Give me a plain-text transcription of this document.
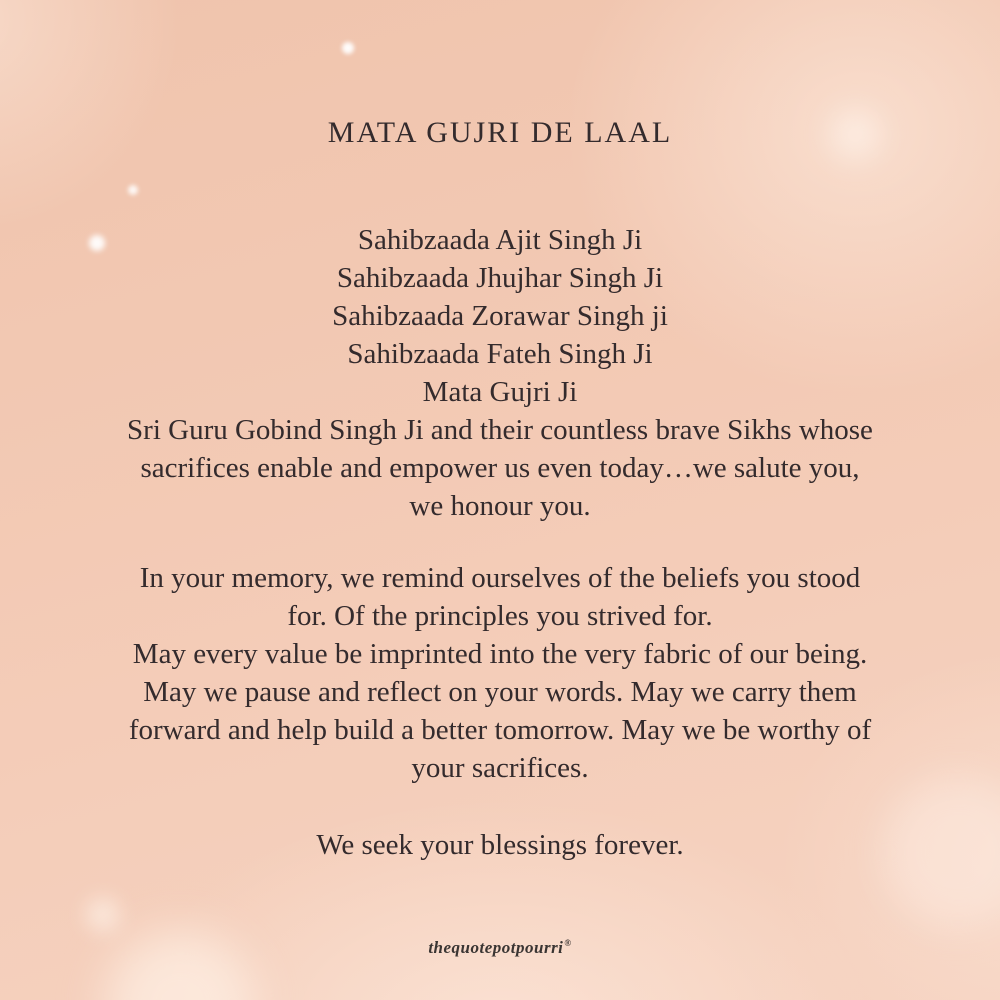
MATA GUJRI DE LAAL
Sahibzaada Ajit Singh Ji
Sahibzaada Jhujhar Singh Ji
Sahibzaada Zorawar Singh ji
Sahibzaada Fateh Singh Ji
Mata Gujri Ji
Sri Guru Gobind Singh Ji and their countless brave Sikhs whose
sacrifices enable and empower us even today…we salute you,
we honour you.
In your memory, we remind ourselves of the beliefs you stood
for. Of the principles you strived for.
May every value be imprinted into the very fabric of our being.
May we pause and reflect on your words. May we carry them
forward and help build a better tomorrow. May we be worthy of
your sacrifices.
We seek your blessings forever.
thequotepotpourri®
